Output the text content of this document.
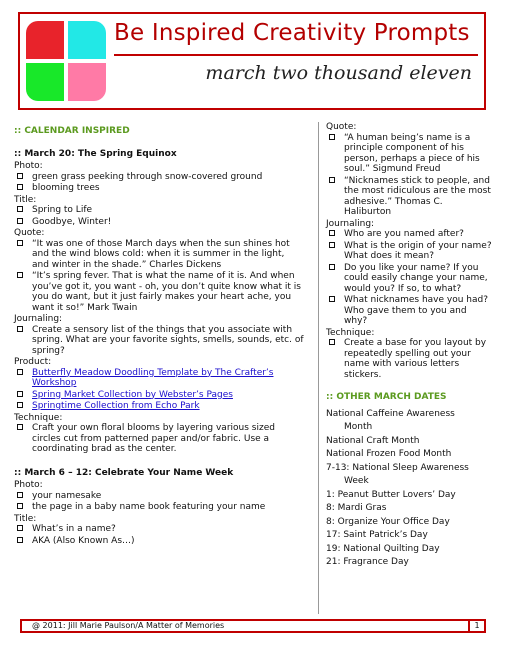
Be Inspired Creativity Prompts
march two thousand eleven
:: CALENDAR INSPIRED
:: March 20: The Spring Equinox
Photo:
green grass peeking through snow-covered ground
blooming trees
Title:
Spring to Life
Goodbye, Winter!
Quote:
“It was one of those March days when the sun shines hot and the wind blows cold: when it is summer in the light, and winter in the shade.” Charles Dickens
“It’s spring fever. That is what the name of it is. And when you’ve got it, you want - oh, you don’t quite know what it is you do want, but it just fairly makes your heart ache, you want it so!” Mark Twain
Journaling:
Create a sensory list of the things that you associate with spring. What are your favorite sights, smells, sounds, etc. of spring?
Product:
Butterfly Meadow Doodling Template by The Crafter’s Workshop
Spring Market Collection by Webster’s Pages
Springtime Collection from Echo Park
Technique:
Craft your own floral blooms by layering various sized circles cut from patterned paper and/or fabric. Use a coordinating brad as the center.
:: March 6 – 12: Celebrate Your Name Week
Photo:
your namesake
the page in a baby name book featuring your name
Title:
What’s in a name?
AKA (Also Known As…)
Quote:
“A human being’s name is a principle component of his person, perhaps a piece of his soul.” Sigmund Freud
“Nicknames stick to people, and the most ridiculous are the most adhesive.” Thomas C. Haliburton
Journaling:
Who are you named after?
What is the origin of your name? What does it mean?
Do you like your name? If you could easily change your name, would you? If so, to what?
What nicknames have you had? Who gave them to you and why?
Technique:
Create a base for you layout by repeatedly spelling out your name with various letters stickers.
:: OTHER MARCH DATES
National Caffeine Awareness
Month
National Craft Month
National Frozen Food Month
7-13: National Sleep Awareness
Week
1: Peanut Butter Lovers’ Day
8: Mardi Gras
8: Organize Your Office Day
17: Saint Patrick’s Day
19: National Quilting Day
21: Fragrance Day
@ 2011: Jill Marie Paulson/A Matter of Memories	1
